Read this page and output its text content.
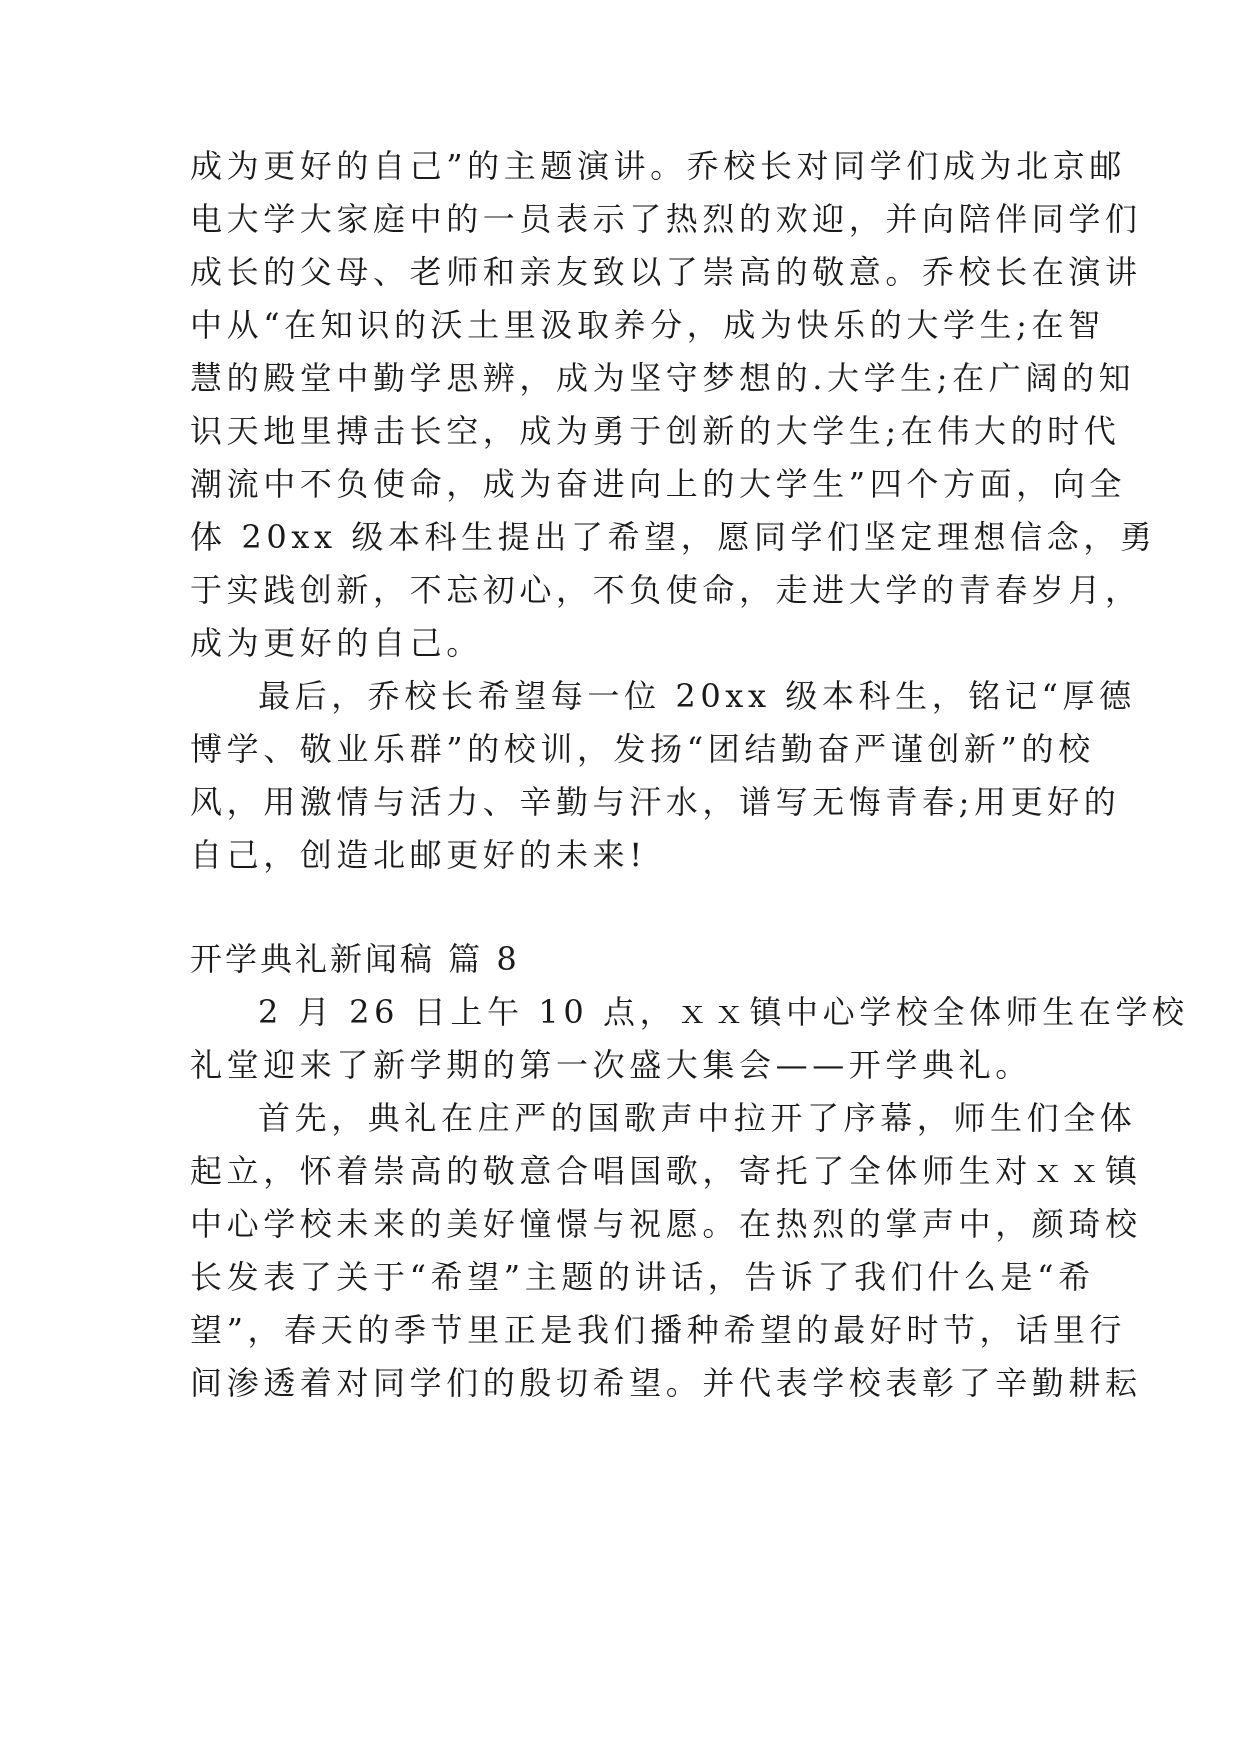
成为更好的自己”的主题演讲。乔校长对同学们成为北京邮
电大学大家庭中的一员表示了热烈的欢迎，并向陪伴同学们
成长的父母、老师和亲友致以了崇高的敬意。乔校长在演讲
中从“在知识的沃土里汲取养分，成为快乐的大学生;在智
慧的殿堂中勤学思辨，成为坚守梦想的.大学生;在广阔的知
识天地里搏击长空，成为勇于创新的大学生;在伟大的时代
潮流中不负使命，成为奋进向上的大学生”四个方面，向全
体 20xx 级本科生提出了希望，愿同学们坚定理想信念，勇
于实践创新，不忘初心，不负使命，走进大学的青春岁月，
成为更好的自己。
最后，乔校长希望每一位 20xx 级本科生，铭记“厚德
博学、敬业乐群”的校训，发扬“团结勤奋严谨创新”的校
风，用激情与活力、辛勤与汗水，谱写无悔青春;用更好的
自己，创造北邮更好的未来!
开学典礼新闻稿 篇 8
2 月 26 日上午 10 点，ｘｘ镇中心学校全体师生在学校
礼堂迎来了新学期的第一次盛大集会——开学典礼。
首先，典礼在庄严的国歌声中拉开了序幕，师生们全体
起立，怀着崇高的敬意合唱国歌，寄托了全体师生对ｘｘ镇
中心学校未来的美好憧憬与祝愿。在热烈的掌声中，颜琦校
长发表了关于“希望”主题的讲话，告诉了我们什么是“希
望”，春天的季节里正是我们播种希望的最好时节，话里行
间渗透着对同学们的殷切希望。并代表学校表彰了辛勤耕耘
